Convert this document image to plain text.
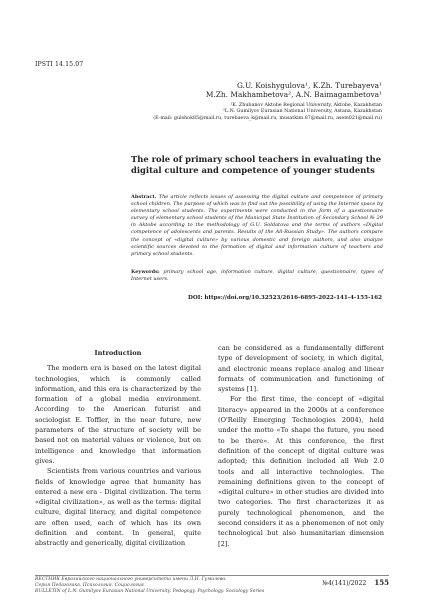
IРSTI 14.15.07
G.U. Koishygulova¹, K.Zh. Turebayeva¹
M.Zh. Makhambetova², A.N. Baimagambetova¹
¹K. Zhubanov Aktobe Regional University, Aktobe, Kazakhstan
²L.N. Gumilyov Eurasian National University, Astana, Kazakhstan
(E-mail: gulshok85@mail.ru, turebaeva_k@mail.ru, musatkim.87@mail.ru, asem021@mail.ru)
The role of primary school teachers in evaluating the digital culture and competence of younger students
Abstract. The article reflects issues of assessing the digital culture and competence of primary school children. The purpose of which was to find out the possibility of using the Internet space by elementary school students. The experiments were conducted in the form of a questionnaire survey of elementary school students of the Municipal State Institution of Secondary School № 29 in Aktobe according to the methodology of G.U. Soldatova and the terms of authors «Digital competence of adolescents and parents. Results of the All-Russian Study». The authors compare the concept of «digital culture» by various domestic and foreign authors, and also analyze scientific sources devoted to the formation of digital and information culture of teachers and primary school students.
Keywords: primary school age, information culture, digital culture, questionnaire, types of Internet users.
DOI: https://doi.org/10.32523/2616-6895-2022-141-4-155-162
Introduction

The modern era is based on the latest digital technologies, which is commonly called information, and this era is characterized by the formation of a global media environment. According to the American futurist and sociologist E. Toffler, in the near future, new parameters of the structure of society will be based not on material values or violence, but on intelligence and knowledge that information gives.

Scientists from various countries and various fields of knowledge agree that humanity has entered a new era - Digital civilization. The term «digital civilization», as well as the terms: digital culture, digital literacy, and digital competence are often used, each of which has its own definition and content. In general, quite abstractly and generically, digital civilization

can be considered as a fundamentally different type of development of society, in which digital, and electronic means replace analog and linear formats of communication and functioning of systems [1].

For the first time, the concept of «digital literacy» appeared in the 2000s at a conference (O'Reilly Emerging Technologies 2004), held under the motto «To shape the future, you need to be there». At this conference, the first definition of the concept of digital culture was adopted; this definition included all Web 2.0 tools and all interactive technologies. The remaining definitions given to the concept of «digital culture» in other studies are divided into two categories. The first characterizes it as purely technological phenomenon, and the second considers it as a phenomenon of not only technological but also humanitarian dimension [2].

ВЕСТНИК Евразийского национального университета имени Л.Н. Гумилева.
Серия Педагогика. Психология. Социология
BULLETIN of L.N. Gumilyov Eurasian National University. Pedagogy. Psychology. Sociology Series
№4(141)/2022 155
